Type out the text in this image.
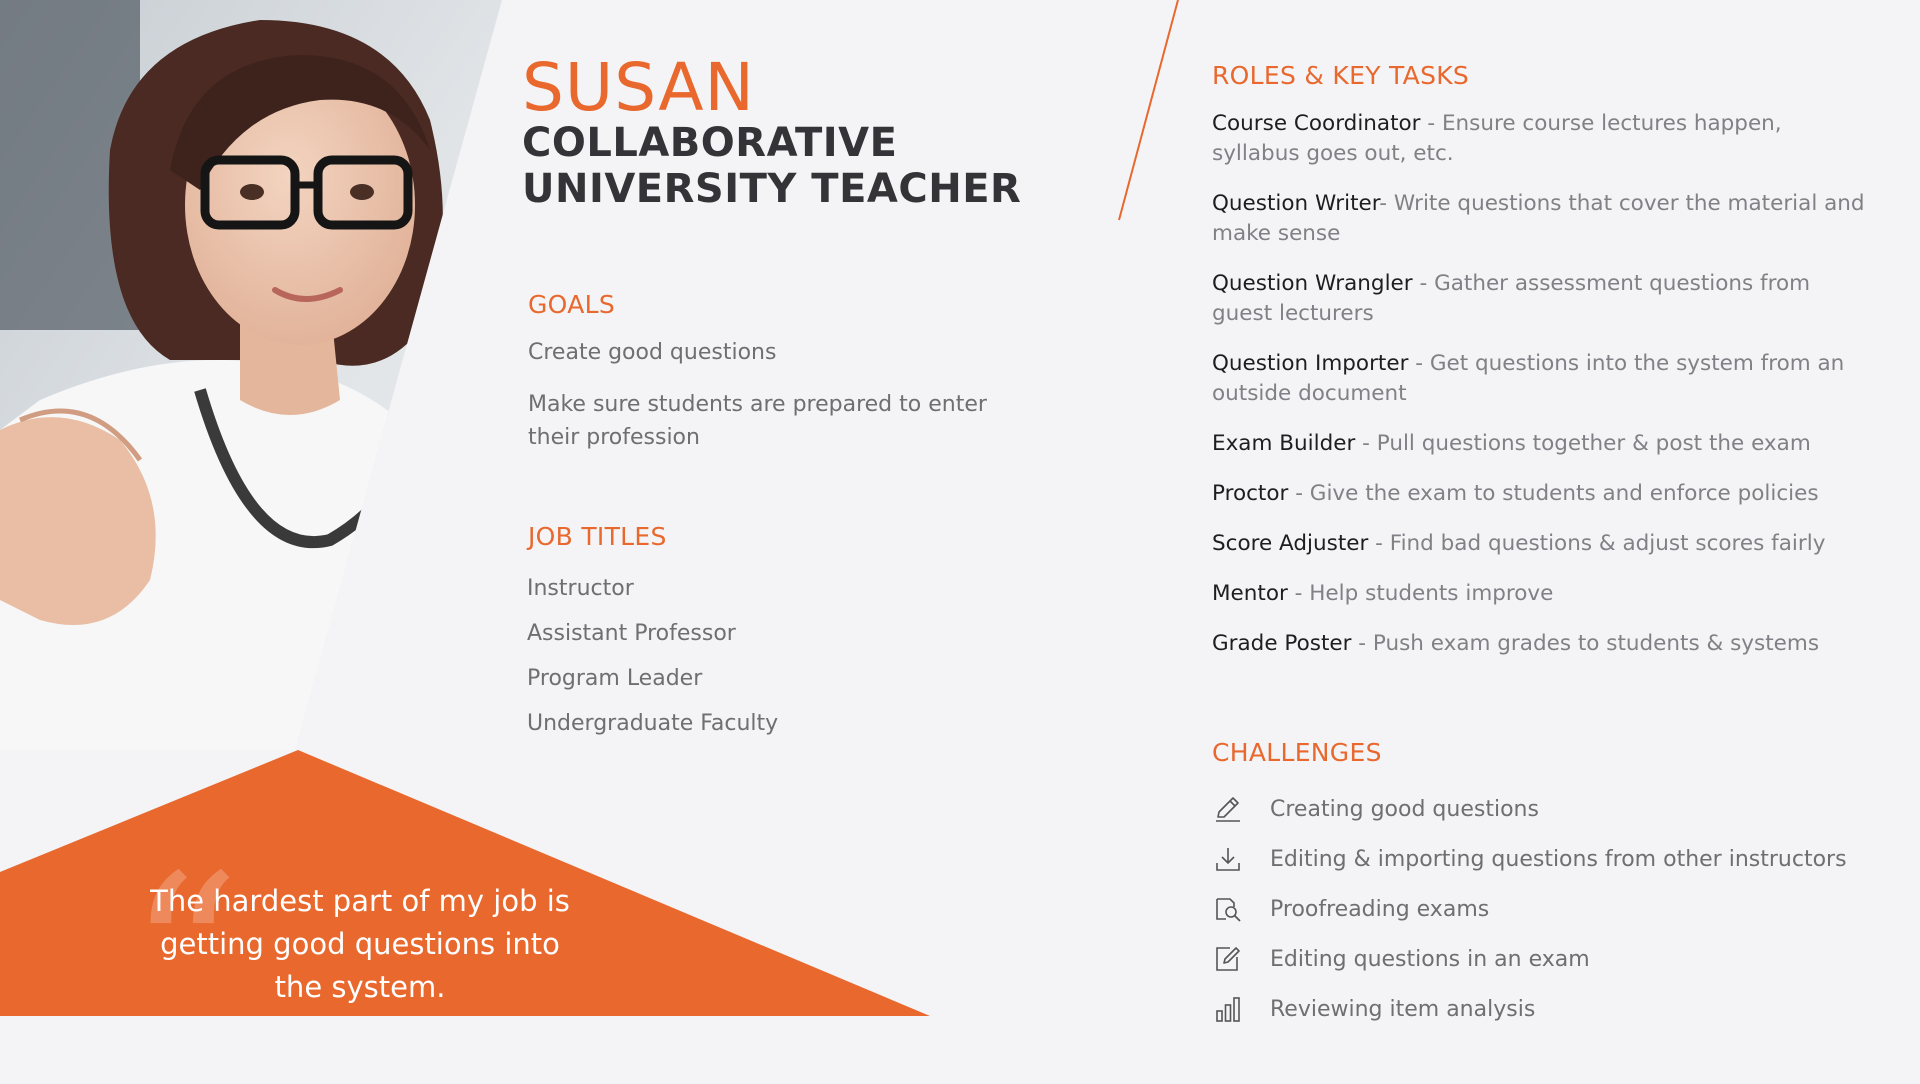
“
The hardest part of my job is getting good questions into the system.
SUSAN
COLLABORATIVE UNIVERSITY TEACHER
GOALS
Create good questions
Make sure students are prepared to enter their profession
JOB TITLES
Instructor
Assistant Professor
Program Leader
Undergraduate Faculty
ROLES & KEY TASKS
Course Coordinator - Ensure course lectures happen, syllabus goes out, etc.
Question Writer- Write questions that cover the material and make sense
Question Wrangler - Gather assessment questions from guest lecturers
Question Importer - Get questions into the system from an outside document
Exam Builder - Pull questions together & post the exam
Proctor - Give the exam to students and enforce policies
Score Adjuster - Find bad questions & adjust scores fairly
Mentor - Help students improve
Grade Poster - Push exam grades to students & systems
CHALLENGES
Creating good questions
Editing & importing questions from other instructors
Proofreading exams
Editing questions in an exam
Reviewing item analysis
